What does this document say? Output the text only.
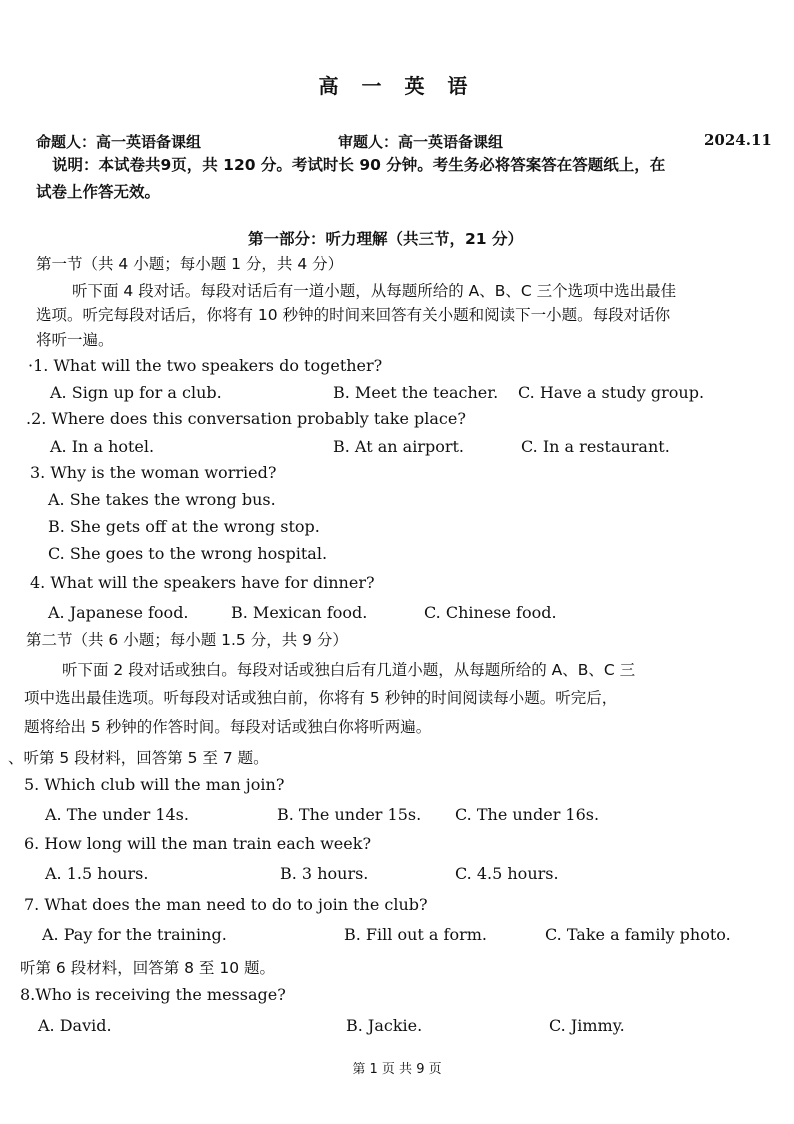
高 一 英 语
命题人：高一英语备课组	审题人：高一英语备课组	2024.11
说明：本试卷共9页，共 120 分。考试时长 90 分钟。考生务必将答案答在答题纸上，在
试卷上作答无效。
第一部分：听力理解（共三节，21 分）
第一节（共 4 小题；每小题 1 分，共 4 分）
听下面 4 段对话。每段对话后有一道小题，从每题所给的 A、B、C 三个选项中选出最佳
选项。听完每段对话后，你将有 10 秒钟的时间来回答有关小题和阅读下一小题。每段对话你
将听一遍。
·1. What will the two speakers do together?
A. Sign up for a club.	B. Meet the teacher. C. Have a study group.
.2. Where does this conversation probably take place?
A. In a hotel.	B. At an airport.	C. In a restaurant.
3. Why is the woman worried?
A. She takes the wrong bus.
B. She gets off at the wrong stop.
C. She goes to the wrong hospital.
4. What will the speakers have for dinner?
A. Japanese food.	B. Mexican food.	C. Chinese food.
第二节（共 6 小题；每小题 1.5 分，共 9 分）
听下面 2 段对话或独白。每段对话或独白后有几道小题，从每题所给的 A、B、C 三
项中选出最佳选项。听每段对话或独白前，你将有 5 秒钟的时间阅读每小题。听完后，
题将给出 5 秒钟的作答时间。每段对话或独白你将听两遍。
、听第 5 段材料，回答第 5 至 7 题。
5. Which club will the man join?
A. The under 14s.	B. The under 15s. C. The under 16s.
6. How long will the man train each week?
A. 1.5 hours.	B. 3 hours.	C. 4.5 hours.
7. What does the man need to do to join the club?
A. Pay for the training.	B. Fill out a form.	C. Take a family photo.
听第 6 段材料，回答第 8 至 10 题。
8.Who is receiving the message?
A. David.	B. Jackie.	C. Jimmy.
第 1 页 共 9 页
